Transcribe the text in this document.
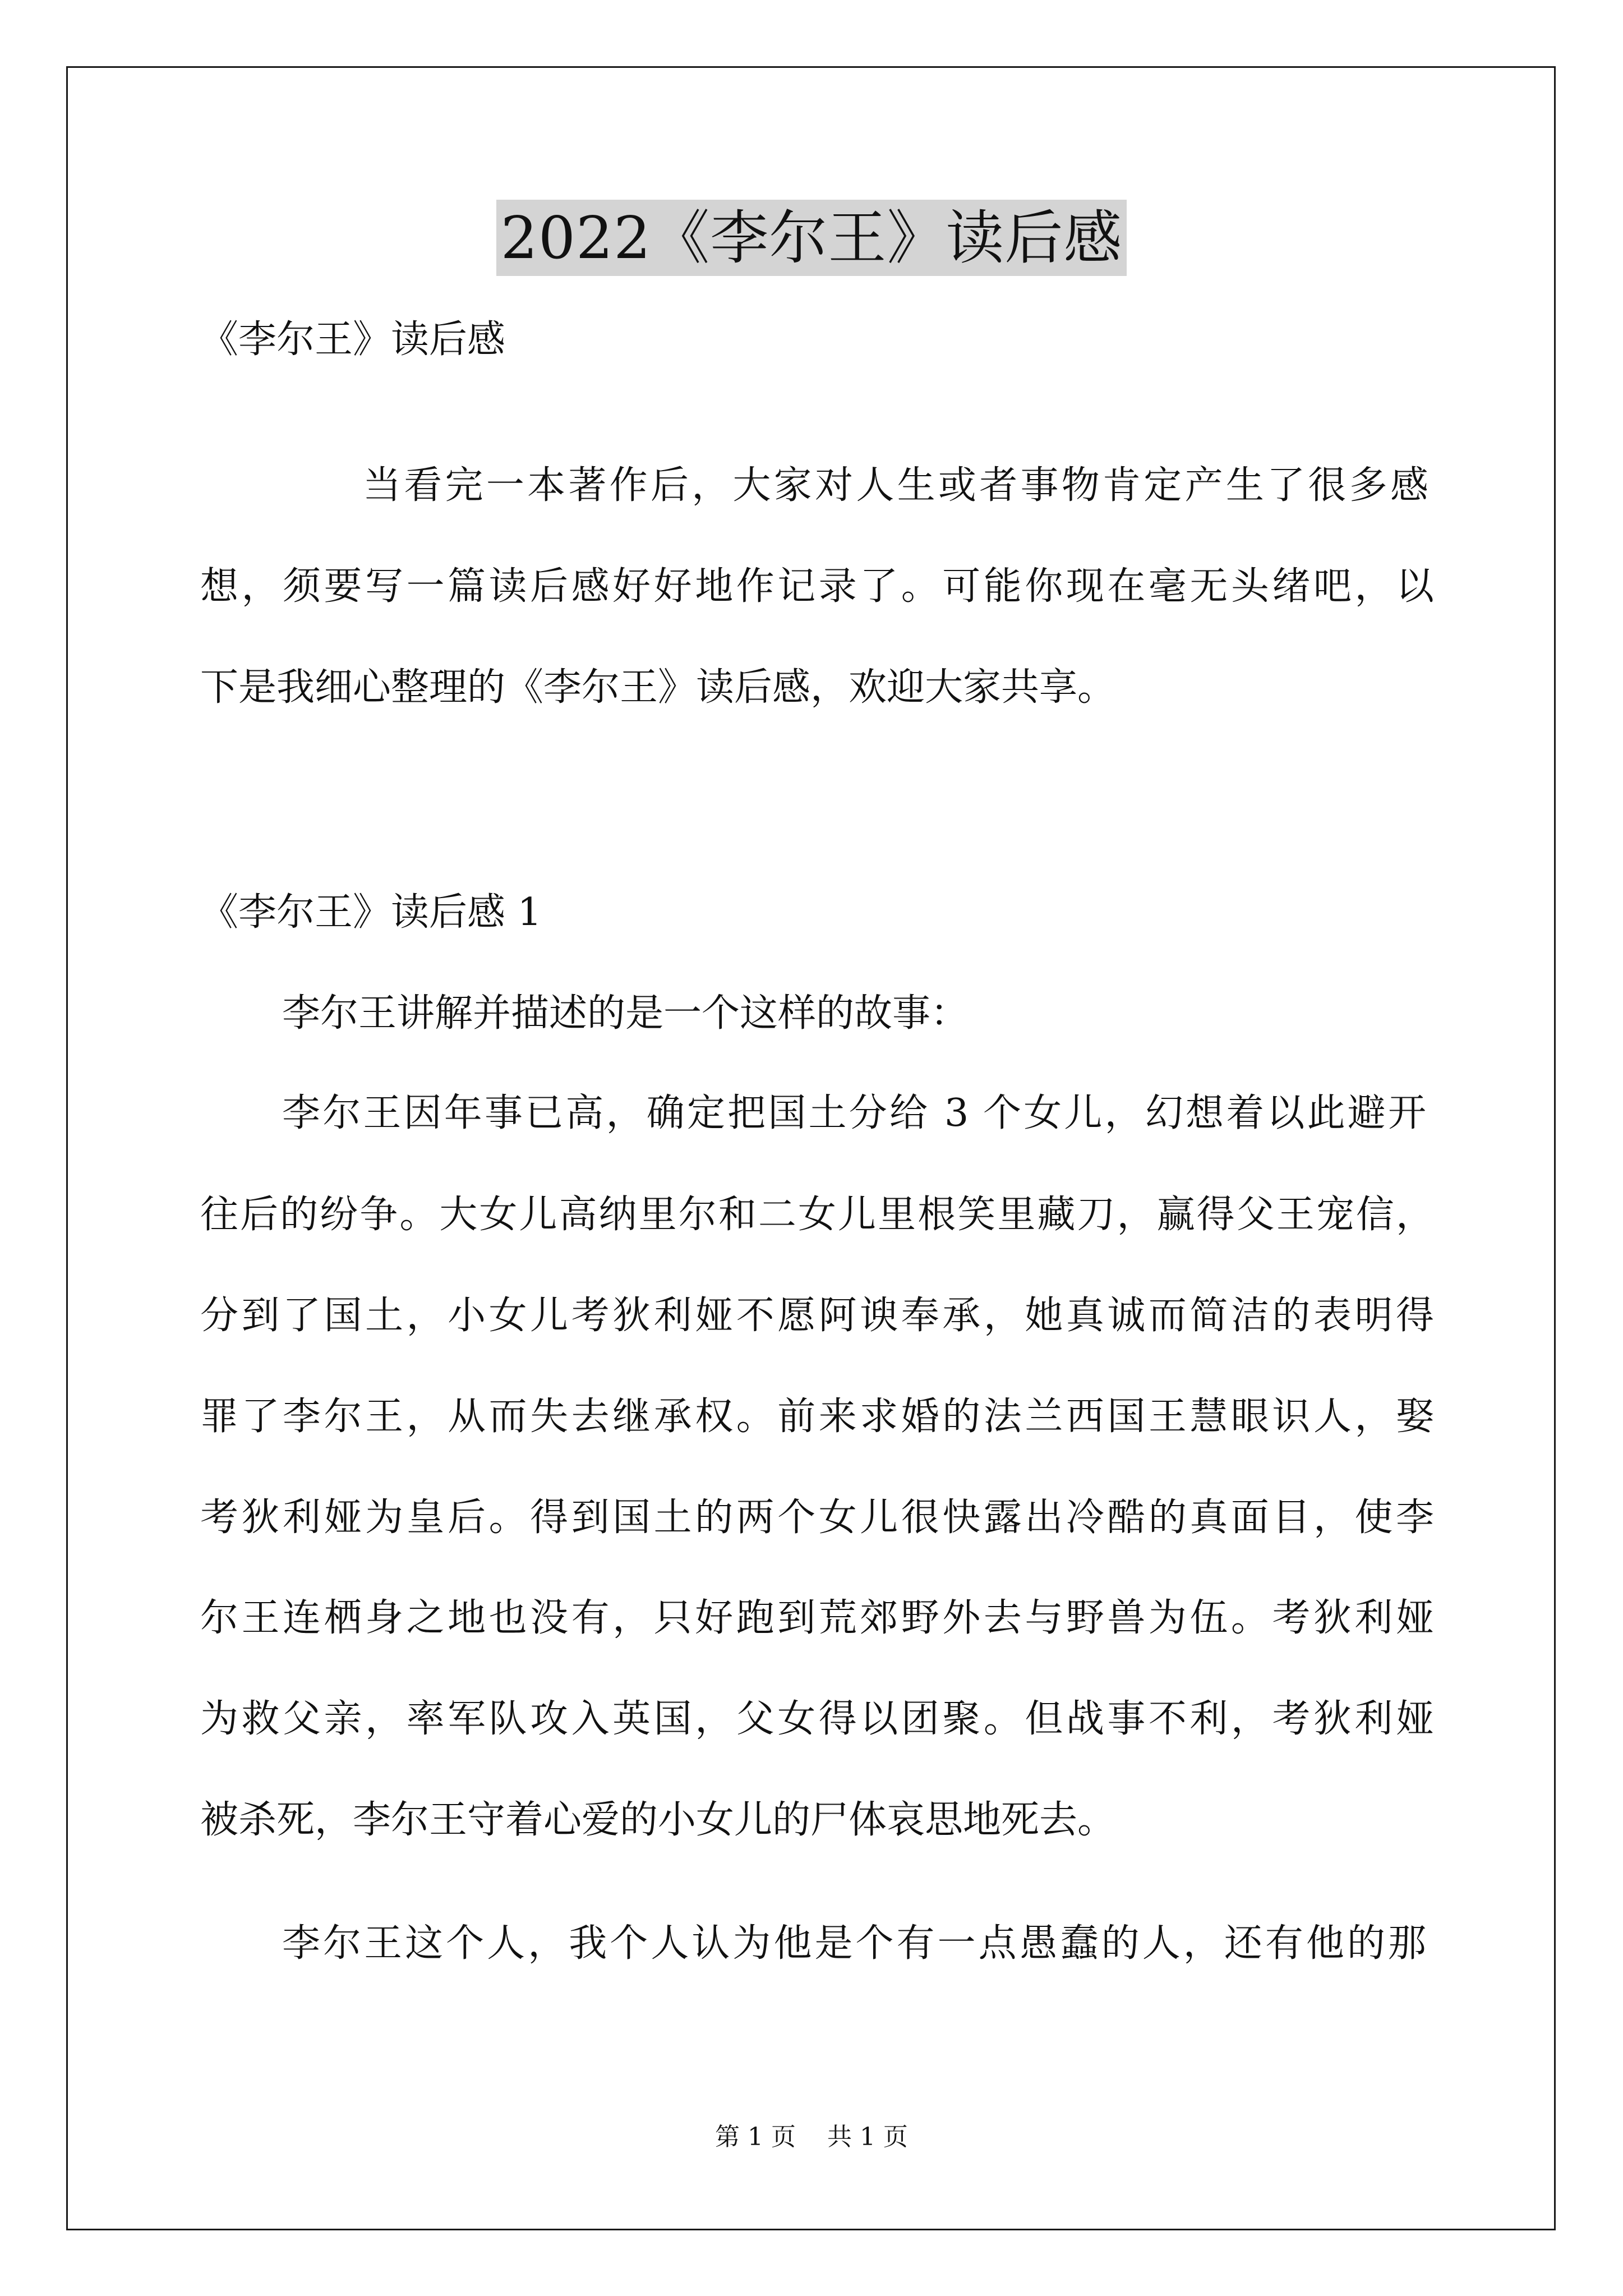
2022《李尔王》读后感

《李尔王》读后感

当看完一本著作后，大家对人生或者事物肯定产生了很多感

想，须要写一篇读后感好好地作记录了。可能你现在毫无头绪吧，以

下是我细心整理的《李尔王》读后感，欢迎大家共享。

《李尔王》读后感 1

李尔王讲解并描述的是一个这样的故事：

李尔王因年事已高，确定把国土分给 3 个女儿，幻想着以此避开

往后的纷争。大女儿高纳里尔和二女儿里根笑里藏刀，赢得父王宠信，

分到了国土，小女儿考狄利娅不愿阿谀奉承，她真诚而简洁的表明得

罪了李尔王，从而失去继承权。前来求婚的法兰西国王慧眼识人，娶

考狄利娅为皇后。得到国土的两个女儿很快露出冷酷的真面目，使李

尔王连栖身之地也没有，只好跑到荒郊野外去与野兽为伍。考狄利娅

为救父亲，率军队攻入英国，父女得以团聚。但战事不利，考狄利娅

被杀死，李尔王守着心爱的小女儿的尸体哀思地死去。

李尔王这个人，我个人认为他是个有一点愚蠢的人，还有他的那

第 1 页    共 1 页
